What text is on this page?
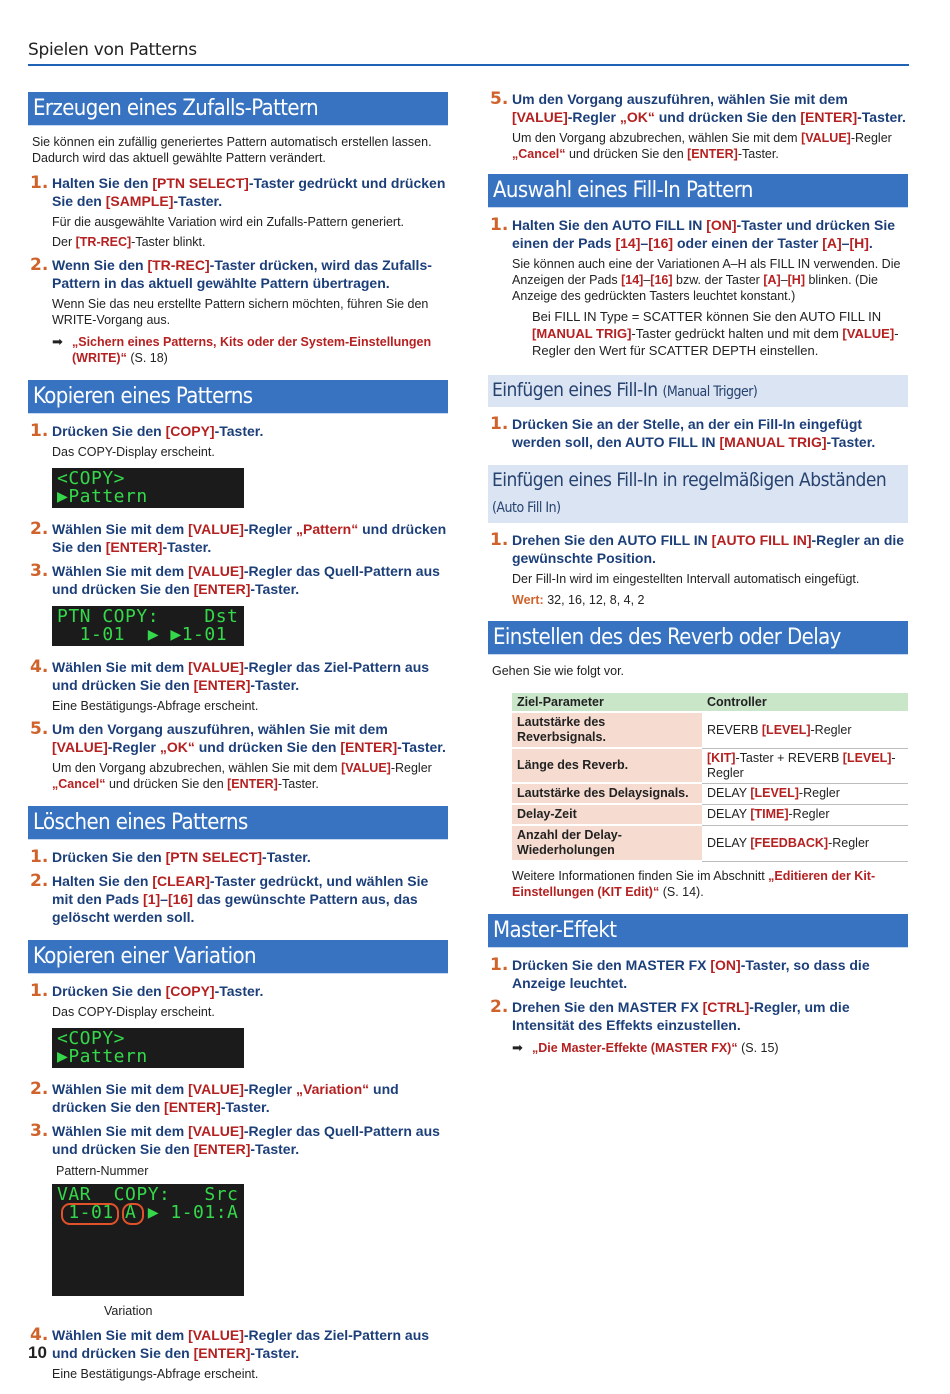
Spielen von Patterns
Erzeugen eines Zufalls-Pattern

Sie können ein zufällig generiertes Pattern automatisch erstellen lassen. Dadurch wird das aktuell gewählte Pattern verändert.

1. Halten Sie den [PTN SELECT]-Taster gedrückt und drücken Sie den [SAMPLE]-Taster.
Für die ausgewählte Variation wird ein Zufalls-Pattern generiert.
Der [TR-REC]-Taster blinkt.
2. Wenn Sie den [TR-REC]-Taster drücken, wird das Zufalls-Pattern in das aktuell gewählte Pattern übertragen.
Wenn Sie das neu erstellte Pattern sichern möchten, führen Sie den WRITE-Vorgang aus.
➡ „Sichern eines Patterns, Kits oder der System-Einstellungen (WRITE)“ (S. 18)
Kopieren eines Patterns
1. Drücken Sie den [COPY]-Taster.
Das COPY-Display erscheint.
<COPY>
▶Pattern
2. Wählen Sie mit dem [VALUE]-Regler „Pattern“ und drücken Sie den [ENTER]-Taster.
3. Wählen Sie mit dem [VALUE]-Regler das Quell-Pattern aus und drücken Sie den [ENTER]-Taster.
PTN COPY:    Dst
1-01  ▶ ▶1-01
4. Wählen Sie mit dem [VALUE]-Regler das Ziel-Pattern aus und drücken Sie den [ENTER]-Taster.
Eine Bestätigungs-Abfrage erscheint.
5. Um den Vorgang auszuführen, wählen Sie mit dem [VALUE]-Regler „OK“ und drücken Sie den [ENTER]-Taster.
Um den Vorgang abzubrechen, wählen Sie mit dem [VALUE]-Regler „Cancel“ und drücken Sie den [ENTER]-Taster.
Löschen eines Patterns
1. Drücken Sie den [PTN SELECT]-Taster.
2. Halten Sie den [CLEAR]-Taster gedrückt, und wählen Sie mit den Pads [1]–[16] das gewünschte Pattern aus, das gelöscht werden soll.
Kopieren einer Variation
1. Drücken Sie den [COPY]-Taster.
Das COPY-Display erscheint.
<COPY>
▶Pattern
2. Wählen Sie mit dem [VALUE]-Regler „Variation“ und drücken Sie den [ENTER]-Taster.
3. Wählen Sie mit dem [VALUE]-Regler das Quell-Pattern aus und drücken Sie den [ENTER]-Taster.
Pattern-Nummer
VAR  COPY:   Src
1-01 A ▶ 1-01:A

Variation
4. Wählen Sie mit dem [VALUE]-Regler das Ziel-Pattern aus und drücken Sie den [ENTER]-Taster.
Eine Bestätigungs-Abfrage erscheint.
5. Um den Vorgang auszuführen, wählen Sie mit dem [VALUE]-Regler „OK“ und drücken Sie den [ENTER]-Taster.
Um den Vorgang abzubrechen, wählen Sie mit dem [VALUE]-Regler „Cancel“ und drücken Sie den [ENTER]-Taster.
Auswahl eines Fill-In Pattern
1. Halten Sie den AUTO FILL IN [ON]-Taster und drücken Sie einen der Pads [14]–[16] oder einen der Taster [A]–[H].
Sie können auch eine der Variationen A–H als FILL IN verwenden. Die Anzeigen der Pads [14]–[16] bzw. der Taster [A]–[H] blinken. (Die Anzeige des gedrückten Tasters leuchtet konstant.)
Bei FILL IN Type = SCATTER können Sie den AUTO FILL IN [MANUAL TRIG]-Taster gedrückt halten und mit dem [VALUE]-Regler den Wert für SCATTER DEPTH einstellen.
Einfügen eines Fill-In (Manual Trigger)
1. Drücken Sie an der Stelle, an der ein Fill-In eingefügt werden soll, den AUTO FILL IN [MANUAL TRIG]-Taster.
Einfügen eines Fill-In in regelmäßigen Abständen
(Auto Fill In)
1. Drehen Sie den AUTO FILL IN [AUTO FILL IN]-Regler an die gewünschte Position.
Der Fill-In wird im eingestellten Intervall automatisch eingefügt.
Wert: 32, 16, 12, 8, 4, 2
Einstellen des des Reverb oder Delay

Gehen Sie wie folgt vor.

Ziel-Parameter	Controller
Lautstärke des Reverbsignals.	REVERB [LEVEL]-Regler
Länge des Reverb.	[KIT]-Taster + REVERB [LEVEL]-Regler
Lautstärke des Delaysignals.	DELAY [LEVEL]-Regler
Delay-Zeit	DELAY [TIME]-Regler
Anzahl der Delay-Wiederholungen	DELAY [FEEDBACK]-Regler
Weitere Informationen finden Sie im Abschnitt „Editieren der Kit-Einstellungen (KIT Edit)“ (S. 14).
Master-Effekt
1. Drücken Sie den MASTER FX [ON]-Taster, so dass die Anzeige leuchtet.
2. Drehen Sie den MASTER FX [CTRL]-Regler, um die Intensität des Effekts einzustellen.
➡ „Die Master-Effekte (MASTER FX)“ (S. 15)
10
